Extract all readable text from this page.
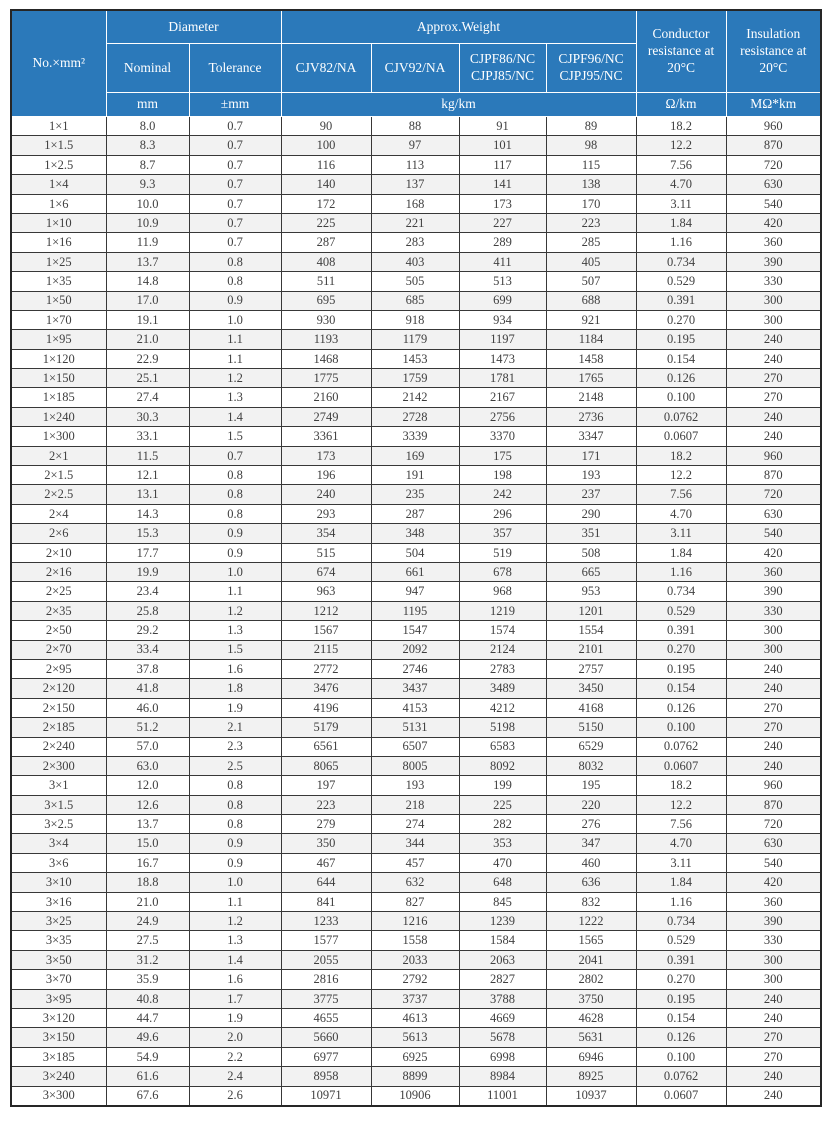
No.×mm²	Diameter		Approx.Weight				Conductor resistance at 20°C	Insulation resistance at 20°C
	Nominal	Tolerance	CJV82/NA	CJV92/NA	CJPF86/NC CJPJ85/NC	CJPF96/NC CJPJ95/NC		
	mm	±mm	kg/km				Ω/km	MΩ*km
1×1	8.0	0.7	90	88	91	89	18.2	960
1×1.5	8.3	0.7	100	97	101	98	12.2	870
1×2.5	8.7	0.7	116	113	117	115	7.56	720
1×4	9.3	0.7	140	137	141	138	4.70	630
1×6	10.0	0.7	172	168	173	170	3.11	540
1×10	10.9	0.7	225	221	227	223	1.84	420
1×16	11.9	0.7	287	283	289	285	1.16	360
1×25	13.7	0.8	408	403	411	405	0.734	390
1×35	14.8	0.8	511	505	513	507	0.529	330
1×50	17.0	0.9	695	685	699	688	0.391	300
1×70	19.1	1.0	930	918	934	921	0.270	300
1×95	21.0	1.1	1193	1179	1197	1184	0.195	240
1×120	22.9	1.1	1468	1453	1473	1458	0.154	240
1×150	25.1	1.2	1775	1759	1781	1765	0.126	270
1×185	27.4	1.3	2160	2142	2167	2148	0.100	270
1×240	30.3	1.4	2749	2728	2756	2736	0.0762	240
1×300	33.1	1.5	3361	3339	3370	3347	0.0607	240
2×1	11.5	0.7	173	169	175	171	18.2	960
2×1.5	12.1	0.8	196	191	198	193	12.2	870
2×2.5	13.1	0.8	240	235	242	237	7.56	720
2×4	14.3	0.8	293	287	296	290	4.70	630
2×6	15.3	0.9	354	348	357	351	3.11	540
2×10	17.7	0.9	515	504	519	508	1.84	420
2×16	19.9	1.0	674	661	678	665	1.16	360
2×25	23.4	1.1	963	947	968	953	0.734	390
2×35	25.8	1.2	1212	1195	1219	1201	0.529	330
2×50	29.2	1.3	1567	1547	1574	1554	0.391	300
2×70	33.4	1.5	2115	2092	2124	2101	0.270	300
2×95	37.8	1.6	2772	2746	2783	2757	0.195	240
2×120	41.8	1.8	3476	3437	3489	3450	0.154	240
2×150	46.0	1.9	4196	4153	4212	4168	0.126	270
2×185	51.2	2.1	5179	5131	5198	5150	0.100	270
2×240	57.0	2.3	6561	6507	6583	6529	0.0762	240
2×300	63.0	2.5	8065	8005	8092	8032	0.0607	240
3×1	12.0	0.8	197	193	199	195	18.2	960
3×1.5	12.6	0.8	223	218	225	220	12.2	870
3×2.5	13.7	0.8	279	274	282	276	7.56	720
3×4	15.0	0.9	350	344	353	347	4.70	630
3×6	16.7	0.9	467	457	470	460	3.11	540
3×10	18.8	1.0	644	632	648	636	1.84	420
3×16	21.0	1.1	841	827	845	832	1.16	360
3×25	24.9	1.2	1233	1216	1239	1222	0.734	390
3×35	27.5	1.3	1577	1558	1584	1565	0.529	330
3×50	31.2	1.4	2055	2033	2063	2041	0.391	300
3×70	35.9	1.6	2816	2792	2827	2802	0.270	300
3×95	40.8	1.7	3775	3737	3788	3750	0.195	240
3×120	44.7	1.9	4655	4613	4669	4628	0.154	240
3×150	49.6	2.0	5660	5613	5678	5631	0.126	270
3×185	54.9	2.2	6977	6925	6998	6946	0.100	270
3×240	61.6	2.4	8958	8899	8984	8925	0.0762	240
3×300	67.6	2.6	10971	10906	11001	10937	0.0607	240
